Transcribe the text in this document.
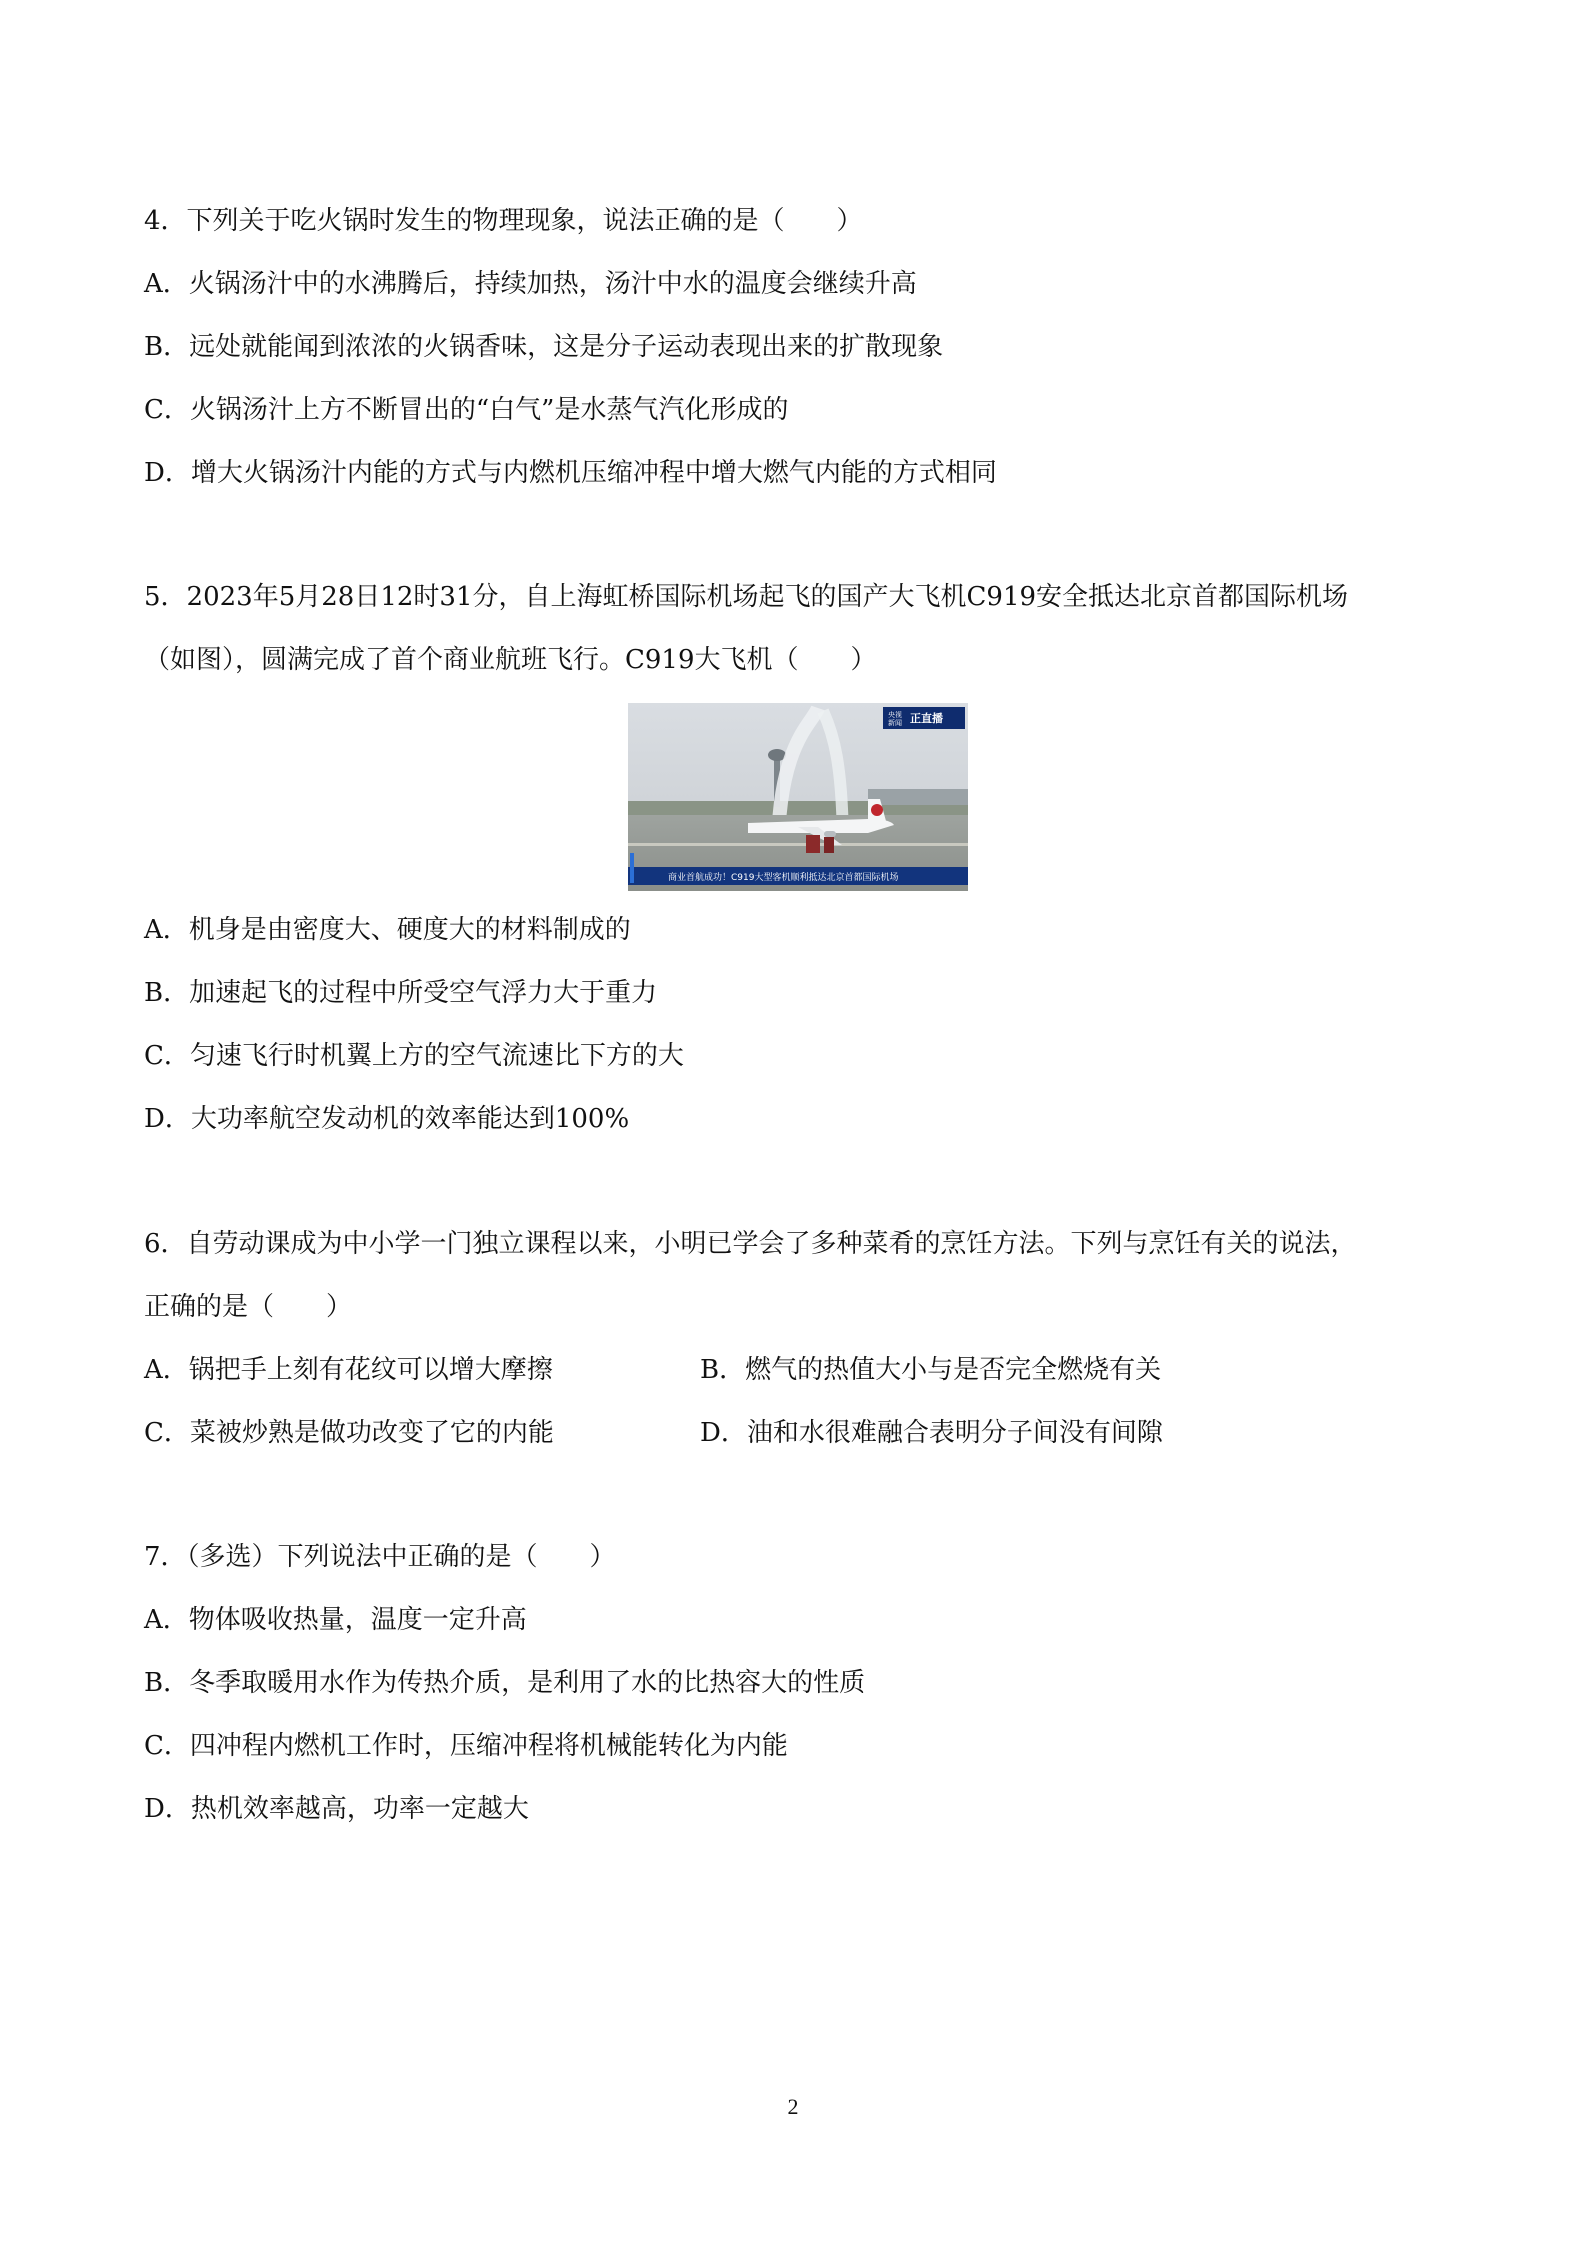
4．下列关于吃火锅时发生的物理现象，说法正确的是（　　）
A．火锅汤汁中的水沸腾后，持续加热，汤汁中水的温度会继续升高
B．远处就能闻到浓浓的火锅香味，这是分子运动表现出来的扩散现象
C．火锅汤汁上方不断冒出的“白气”是水蒸气汽化形成的
D．增大火锅汤汁内能的方式与内燃机压缩冲程中增大燃气内能的方式相同
5．2023年5月28日12时31分，自上海虹桥国际机场起飞的国产大飞机C919安全抵达北京首都国际机场
（如图），圆满完成了首个商业航班飞行。C919大飞机（　　）
央视
新闻 正直播
商业首航成功！C919大型客机顺利抵达北京首都国际机场
A．机身是由密度大、硬度大的材料制成的
B．加速起飞的过程中所受空气浮力大于重力
C．匀速飞行时机翼上方的空气流速比下方的大
D．大功率航空发动机的效率能达到100%
6．自劳动课成为中小学一门独立课程以来，小明已学会了多种菜肴的烹饪方法。下列与烹饪有关的说法，
正确的是（　　）
A．锅把手上刻有花纹可以增大摩擦	B．燃气的热值大小与是否完全燃烧有关
C．菜被炒熟是做功改变了它的内能	D．油和水很难融合表明分子间没有间隙
7．（多选）下列说法中正确的是（　　）
A．物体吸收热量，温度一定升高
B．冬季取暖用水作为传热介质，是利用了水的比热容大的性质
C．四冲程内燃机工作时，压缩冲程将机械能转化为内能
D．热机效率越高，功率一定越大
2
